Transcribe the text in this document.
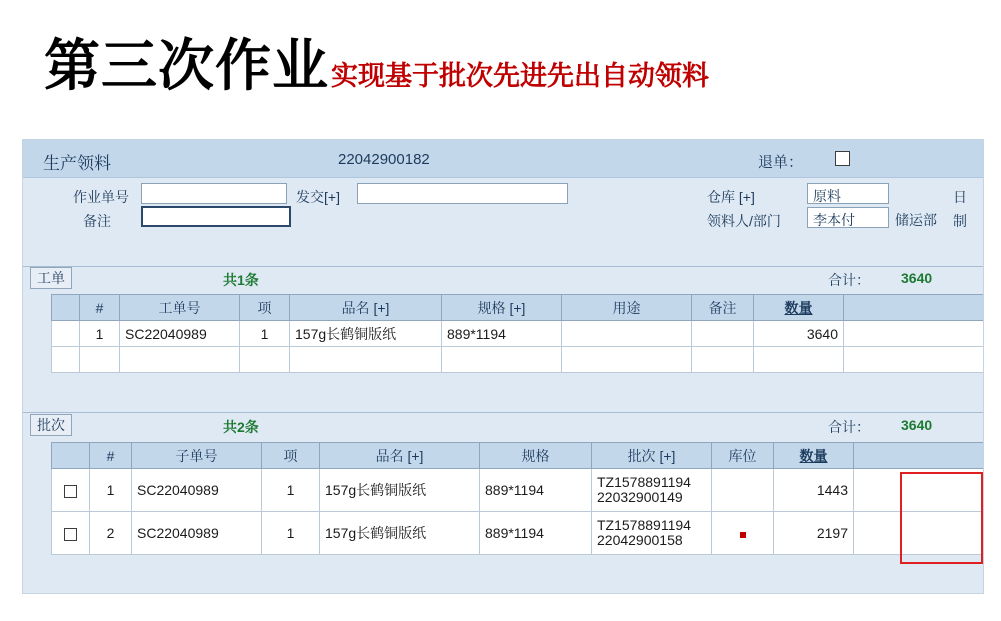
第三次作业 实现基于批次先进先出自动领料
生产领料	22042900182	退单：
作业单号	发交[+]
备注
仓库 [+]	原料
领料人/部门 李本付	储运部
日
制
工单	共1条	合计： 3640
	#	工单号	项	品名 [+]	规格 [+]	用途	备注	数量	
	1	SC22040989	1	157g长鹤铜版纸	889*1194			3640	

批次	共2条	合计： 3640
	#	子单号	项	品名 [+]	规格	批次 [+]	库位	数量	
	1	SC22040989	1	157g长鹤铜版纸	889*1194	TZ1578891194
22032900149		1443	
	2	SC22040989	1	157g长鹤铜版纸	889*1194	TZ1578891194
22042900158		2197	
